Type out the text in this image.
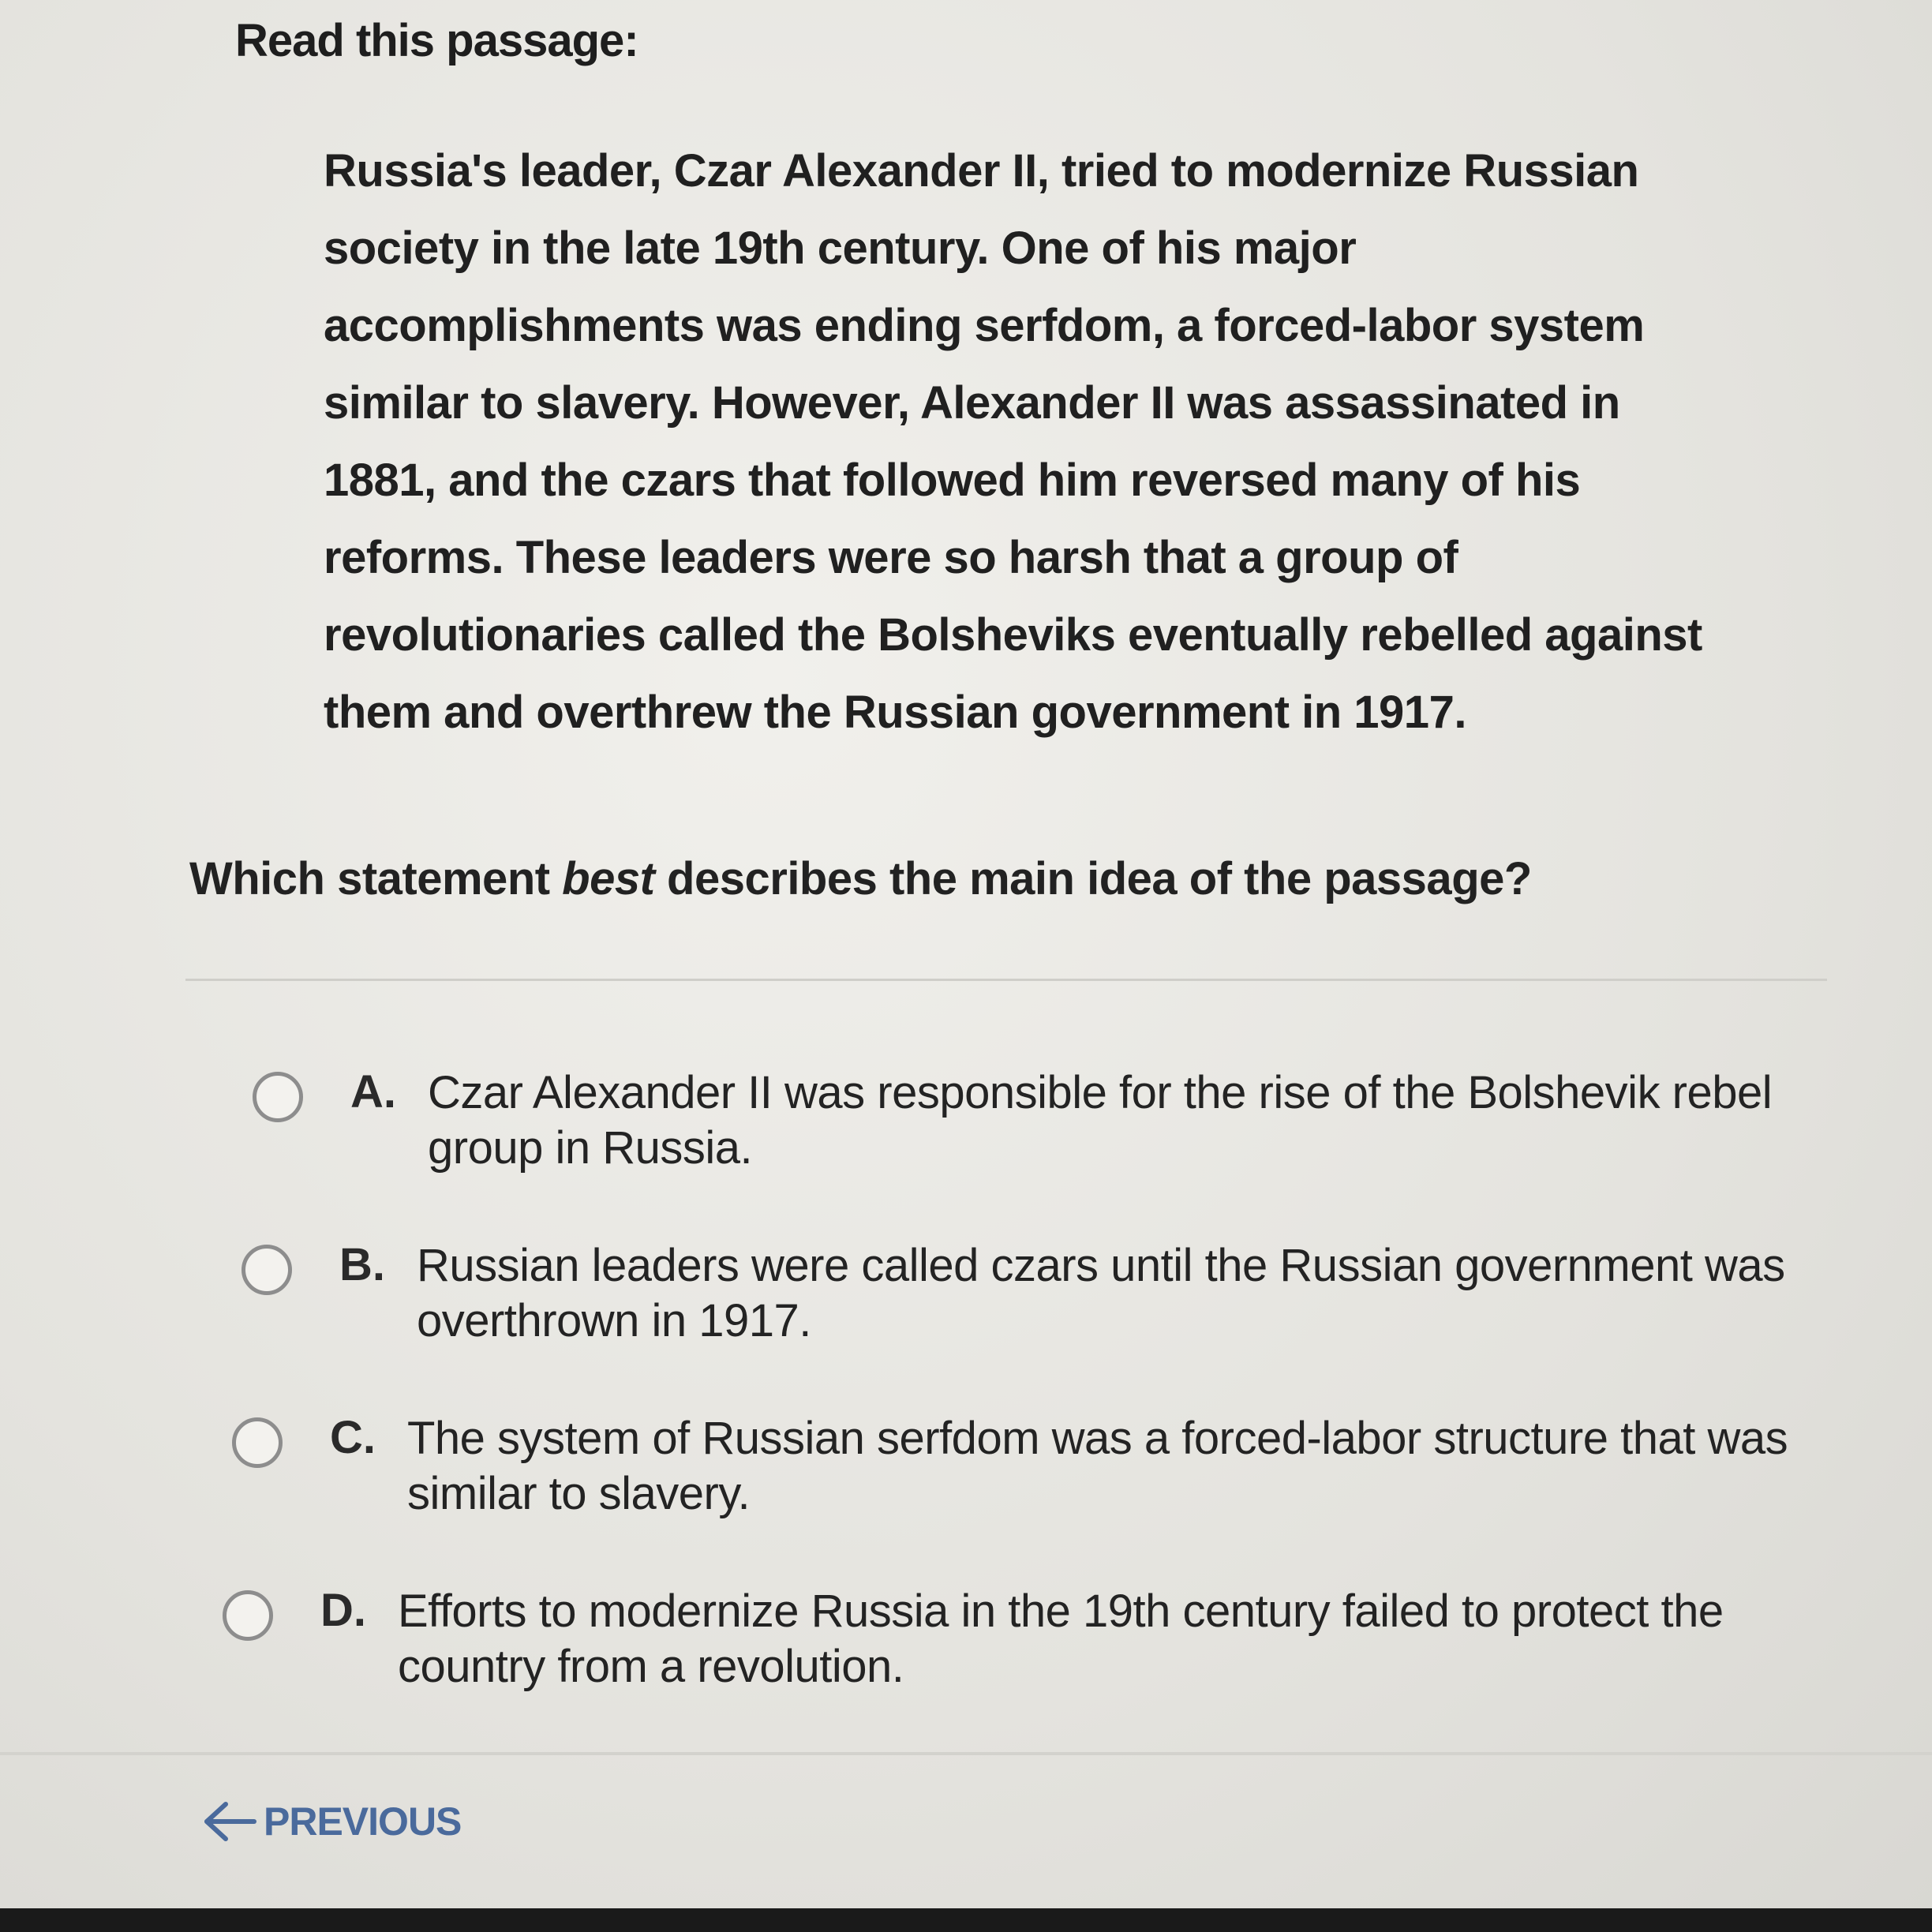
Read this passage:
Russia's leader, Czar Alexander II, tried to modernize Russian society in the late 19th century. One of his major accomplishments was ending serfdom, a forced-labor system similar to slavery. However, Alexander II was assassinated in 1881, and the czars that followed him reversed many of his reforms. These leaders were so harsh that a group of revolutionaries called the Bolsheviks eventually rebelled against them and overthrew the Russian government in 1917.
Which statement best describes the main idea of the passage?
A. Czar Alexander II was responsible for the rise of the Bolshevik rebel group in Russia.
B. Russian leaders were called czars until the Russian government was overthrown in 1917.
C. The system of Russian serfdom was a forced-labor structure that was similar to slavery.
D. Efforts to modernize Russia in the 19th century failed to protect the country from a revolution.
PREVIOUS
